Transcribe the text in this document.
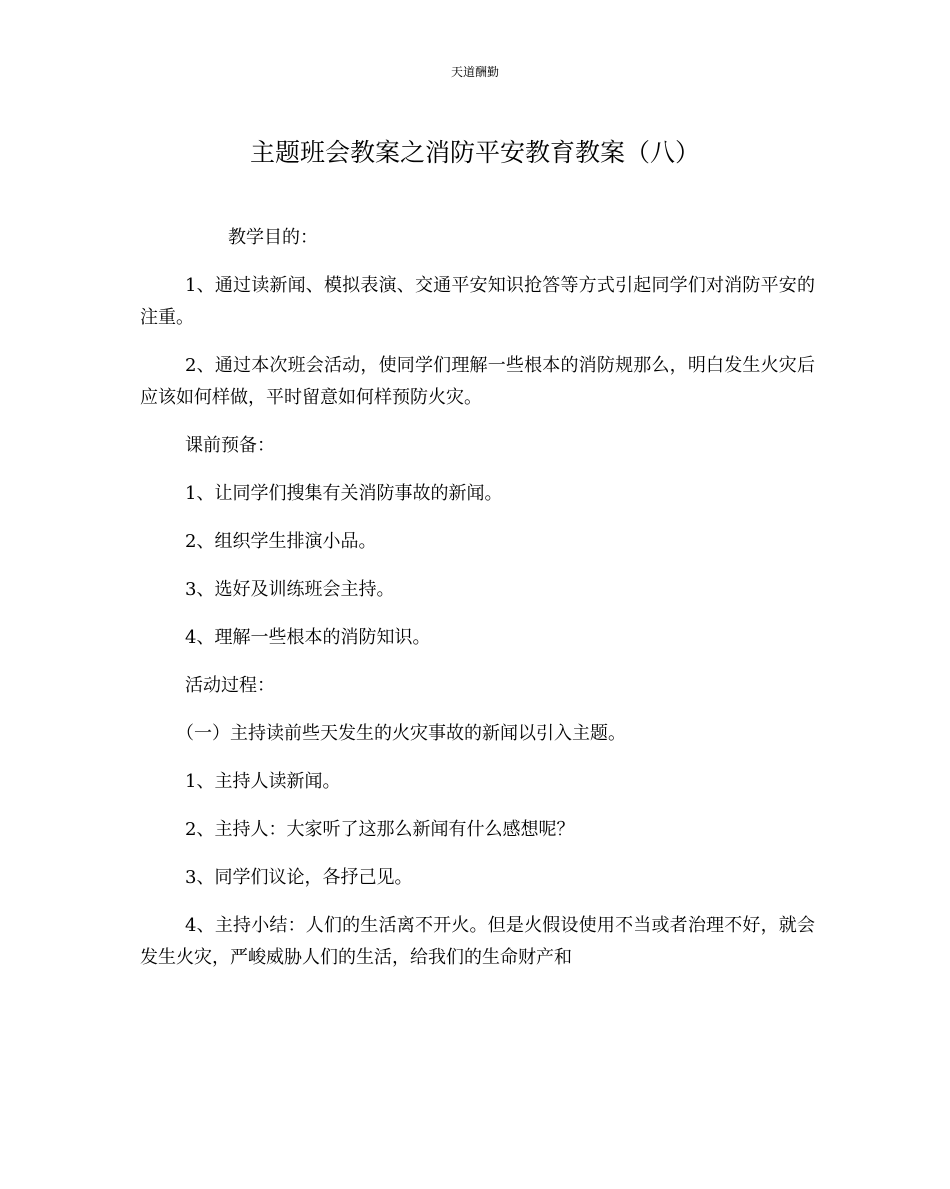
天道酬勤
主题班会教案之消防平安教育教案（八）

教学目的：

1、通过读新闻、模拟表演、交通平安知识抢答等方式引起同学们对消防平安的注重。

2、通过本次班会活动，使同学们理解一些根本的消防规那么，明白发生火灾后应该如何样做，平时留意如何样预防火灾。

课前预备：

1、让同学们搜集有关消防事故的新闻。

2、组织学生排演小品。

3、选好及训练班会主持。

4、理解一些根本的消防知识。

活动过程：

（一）主持读前些天发生的火灾事故的新闻以引入主题。

1、主持人读新闻。

2、主持人：大家听了这那么新闻有什么感想呢？

3、同学们议论，各抒己见。

4、主持小结：人们的生活离不开火。但是火假设使用不当或者治理不好，就会发生火灾，严峻威胁人们的生活，给我们的生命财产和
